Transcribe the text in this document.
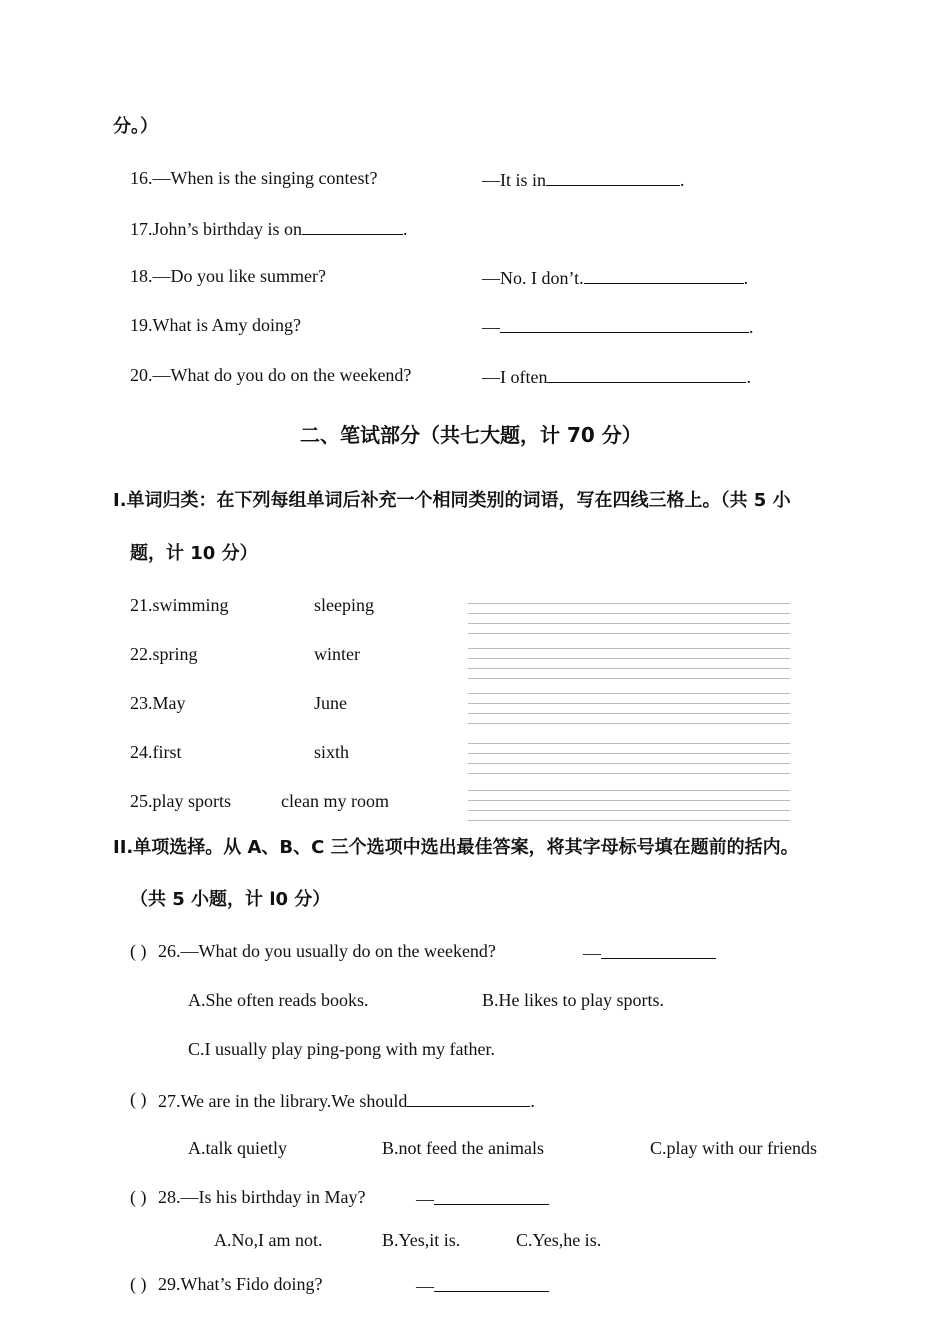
分。）
16.—When is the singing contest?	—It is in	.
17.John’s birthday is on	.
18.—Do you like summer?	—No. I don’t.	.
19.What is Amy doing?	—	.
20.—What do you do on the weekend?	—I often	.
二、笔试部分（共七大题，计 70 分）
I.单词归类：在下列每组单词后补充一个相同类别的词语，写在四线三格上。（共 5 小
题，计 10 分）
21.swimming	sleeping
22.spring	winter
23.May	June
24.first	sixth
25.play sports	clean my room
II.单项选择。从 A、B、C 三个选项中选出最佳答案，将其字母标号填在题前的括内。
（共 5 小题，计 l0 分）
( ) 26.—What do you usually do on the weekend?	—
A.She often reads books.	B.He likes to play sports.
C.I usually play ping-pong with my father.
( ) 27.We are in the library.We should	.
A.talk quietly	B.not feed the animals	C.play with our friends
( ) 28.—Is his birthday in May?	—
A.No,I am not.	B.Yes,it is.	C.Yes,he is.
( ) 29.What’s Fido doing?	—
